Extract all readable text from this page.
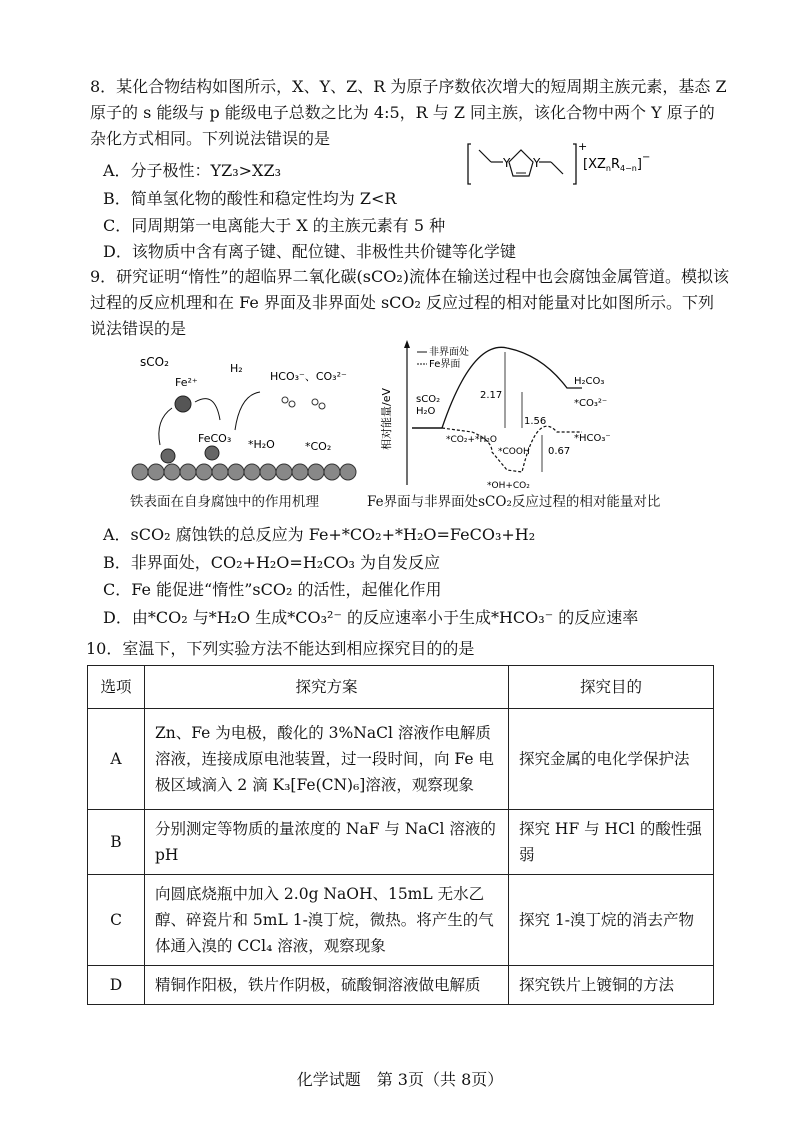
8．某化合物结构如图所示，X、Y、Z、R 为原子序数依次增大的短周期主族元素，基态 Z 原子的 s 能级与 p 能级电子总数之比为 4:5，R 与 Z 同主族，该化合物中两个 Y 原子的杂化方式相同。下列说法错误的是
A．分子极性：YZ₃>XZ₃
B．简单氢化物的酸性和稳定性均为 Z<R
C．同周期第一电离能大于 X 的主族元素有 5 种
D．该物质中含有离子键、配位键、非极性共价键等化学键
Y Y
+
$[XZ_nR_{4-n}]^-$
9．研究证明“惰性”的超临界二氧化碳(sCO₂)流体在输送过程中也会腐蚀金属管道。模拟该过程的反应机理和在 Fe 界面及非界面处 sCO₂ 反应过程的相对能量对比如图所示。下列说法错误的是
sCO₂
Fe²⁺
H₂
HCO₃⁻、CO₃²⁻
FeCO₃ *H₂O	*CO₂
铁表面在自身腐蚀中的作用机理
相对能量/eV
非界面处
Fe界面
sCO₂
H₂O
2.17
1.56
0.67
H₂CO₃
*CO₃²⁻
*CO₂+*H₂O
*COOH
*HCO₃⁻
*OH+CO₂
Fe界面与非界面处sCO₂反应过程的相对能量对比
A．sCO₂ 腐蚀铁的总反应为 Fe+*CO₂+*H₂O=FeCO₃+H₂
B．非界面处，CO₂+H₂O=H₂CO₃ 为自发反应
C．Fe 能促进“惰性”sCO₂ 的活性，起催化作用
D．由*CO₂ 与*H₂O 生成*CO₃²⁻ 的反应速率小于生成*HCO₃⁻ 的反应速率
10．室温下，下列实验方法不能达到相应探究目的的是
选项	探究方案	探究目的
A	Zn、Fe 为电极，酸化的 3%NaCl 溶液作电解质溶液，连接成原电池装置，过一段时间，向 Fe 电极区域滴入 2 滴 K₃[Fe(CN)₆]溶液，观察现象	探究金属的电化学保护法
B	分别测定等物质的量浓度的 NaF 与 NaCl 溶液的 pH	探究 HF 与 HCl 的酸性强弱
C	向圆底烧瓶中加入 2.0g NaOH、15mL 无水乙醇、碎瓷片和 5mL 1-溴丁烷，微热。将产生的气体通入溴的 CCl₄ 溶液，观察现象	探究 1-溴丁烷的消去产物
D	精铜作阳极，铁片作阴极，硫酸铜溶液做电解质	探究铁片上镀铜的方法
化学试题　第 3页（共 8页）
